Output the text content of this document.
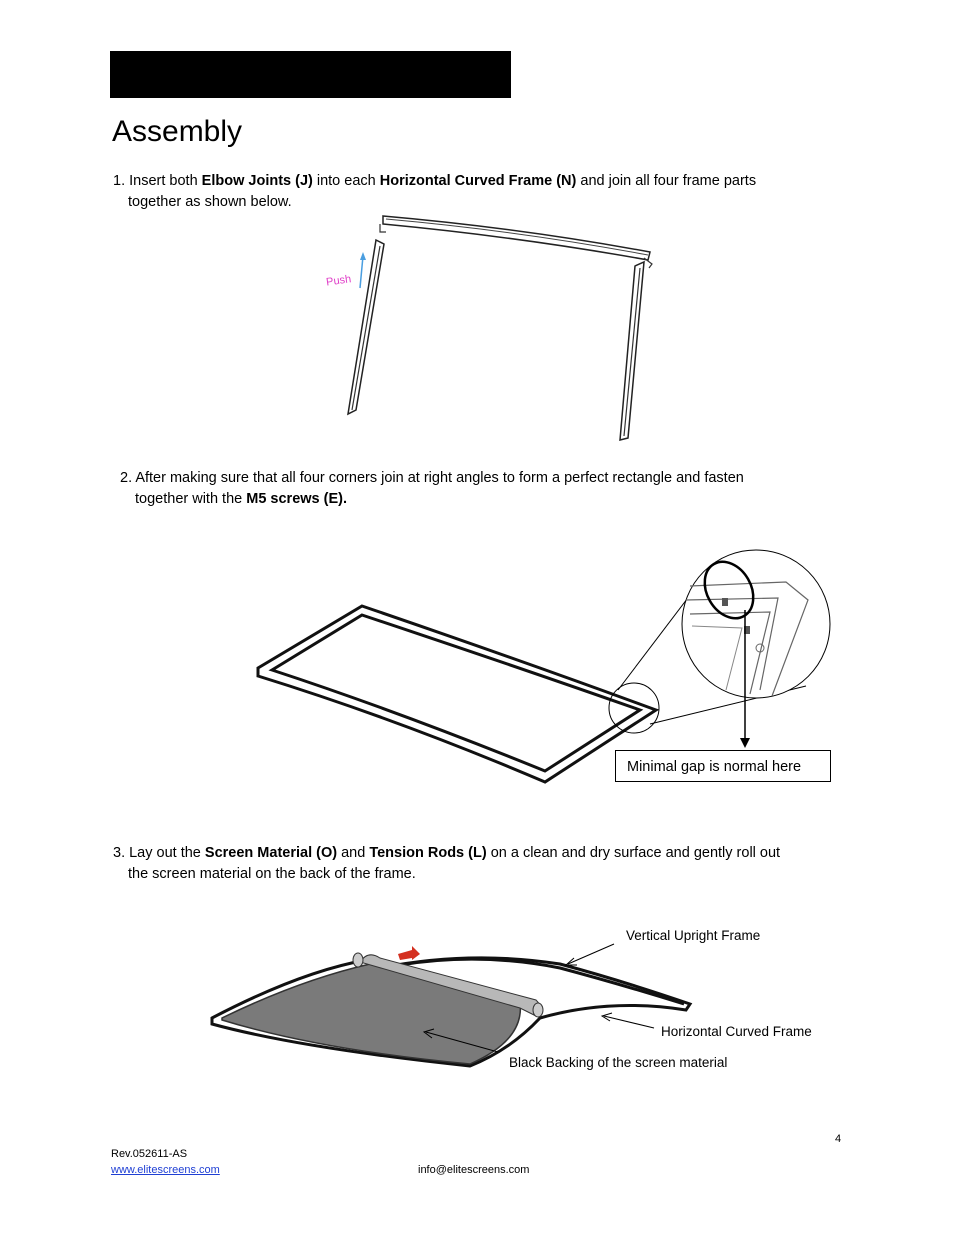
Assembly
1. Insert both Elbow Joints (J) into each Horizontal Curved Frame (N) and join all four frame parts
together as shown below.
Push
2. After making sure that all four corners join at right angles to form a perfect rectangle and fasten
together with the M5 screws (E).
Minimal gap is normal here
3. Lay out the Screen Material (O) and Tension Rods (L) on a clean and dry surface and gently roll out
the screen material on the back of the frame.
Vertical Upright Frame
Horizontal Curved Frame
Black Backing of the screen material
4
Rev.052611-AS
www.elitescreens.com	info@elitescreens.com
